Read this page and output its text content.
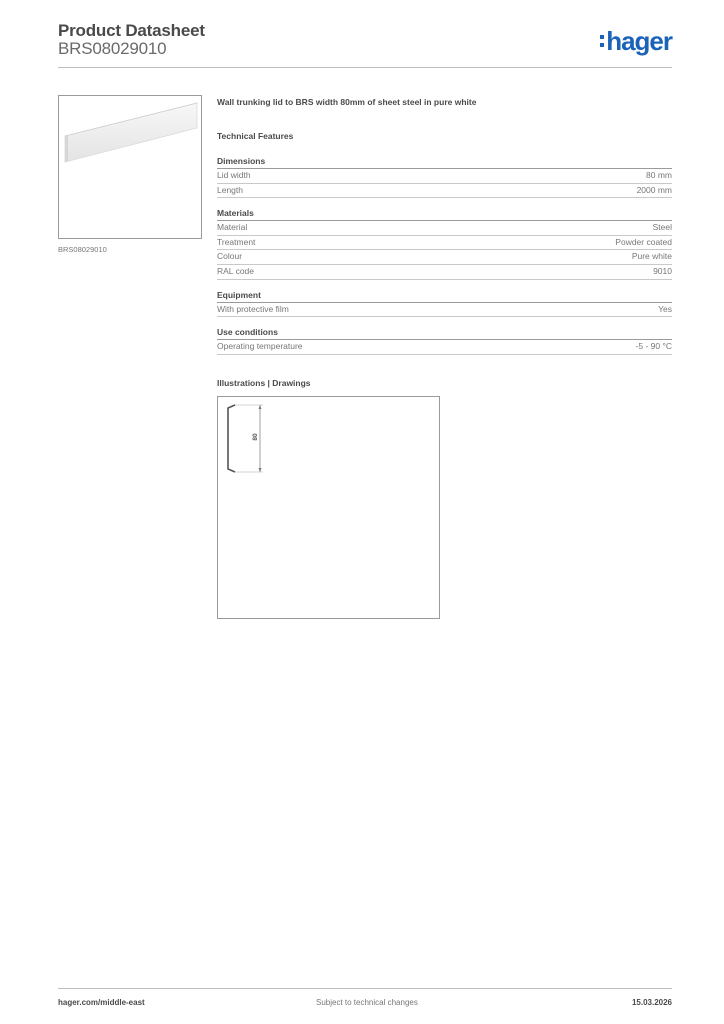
Product Datasheet
BRS08029010	hager
BRS08029010
Wall trunking lid to BRS width 80mm of sheet steel in pure white
Technical Features
Dimensions
Lid width	80 mm
Length	2000 mm
Materials
Material	Steel
Treatment	Powder coated
Colour	Pure white
RAL code	9010
Equipment
With protective film	Yes
Use conditions
Operating temperature	-5 - 90 °C
Illustrations | Drawings
80
hager.com/middle-east	Subject to technical changes	15.03.2026
